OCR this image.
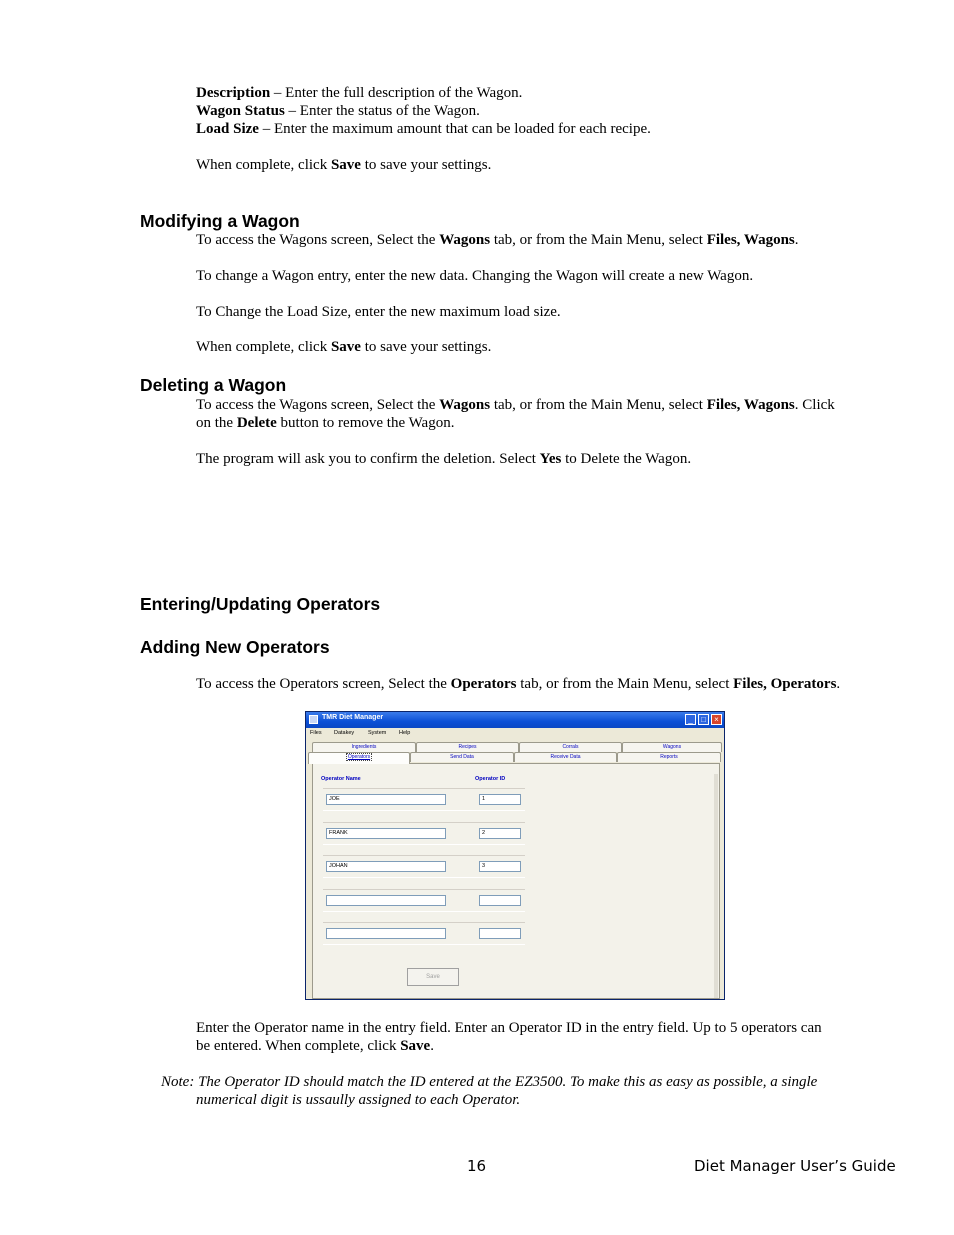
Description – Enter the full description of the Wagon.
Wagon Status – Enter the status of the Wagon.
Load Size – Enter the maximum amount that can be loaded for each recipe.
When complete, click Save to save your settings.
Modifying a Wagon
To access the Wagons screen, Select the Wagons tab, or from the Main Menu, select Files, Wagons.
To change a Wagon entry, enter the new data. Changing the Wagon will create a new Wagon.
To Change the Load Size, enter the new maximum load size.
When complete, click Save to save your settings.
Deleting a Wagon
To access the Wagons screen, Select the Wagons tab, or from the Main Menu, select Files, Wagons. Click
on the Delete button to remove the Wagon.
The program will ask you to confirm the deletion. Select Yes to Delete the Wagon.
Entering/Updating Operators
Adding New Operators
To access the Operators screen, Select the Operators tab, or from the Main Menu, select Files, Operators.
TMR Diet Manager	_	□	×
Files Datakey	System Help
Ingredients	Recipes	Corrals	Wagons
Operators	Send Data	Receive Data	Reports
Operator Name	Operator ID
JOE	1
FRANK	2
JOHAN	3
Save
Enter the Operator name in the entry field. Enter an Operator ID in the entry field. Up to 5 operators can
be entered. When complete, click Save.
Note: The Operator ID should match the ID entered at the EZ3500. To make this as easy as possible, a single
numerical digit is ussaully assigned to each Operator.
16	Diet Manager User’s Guide
